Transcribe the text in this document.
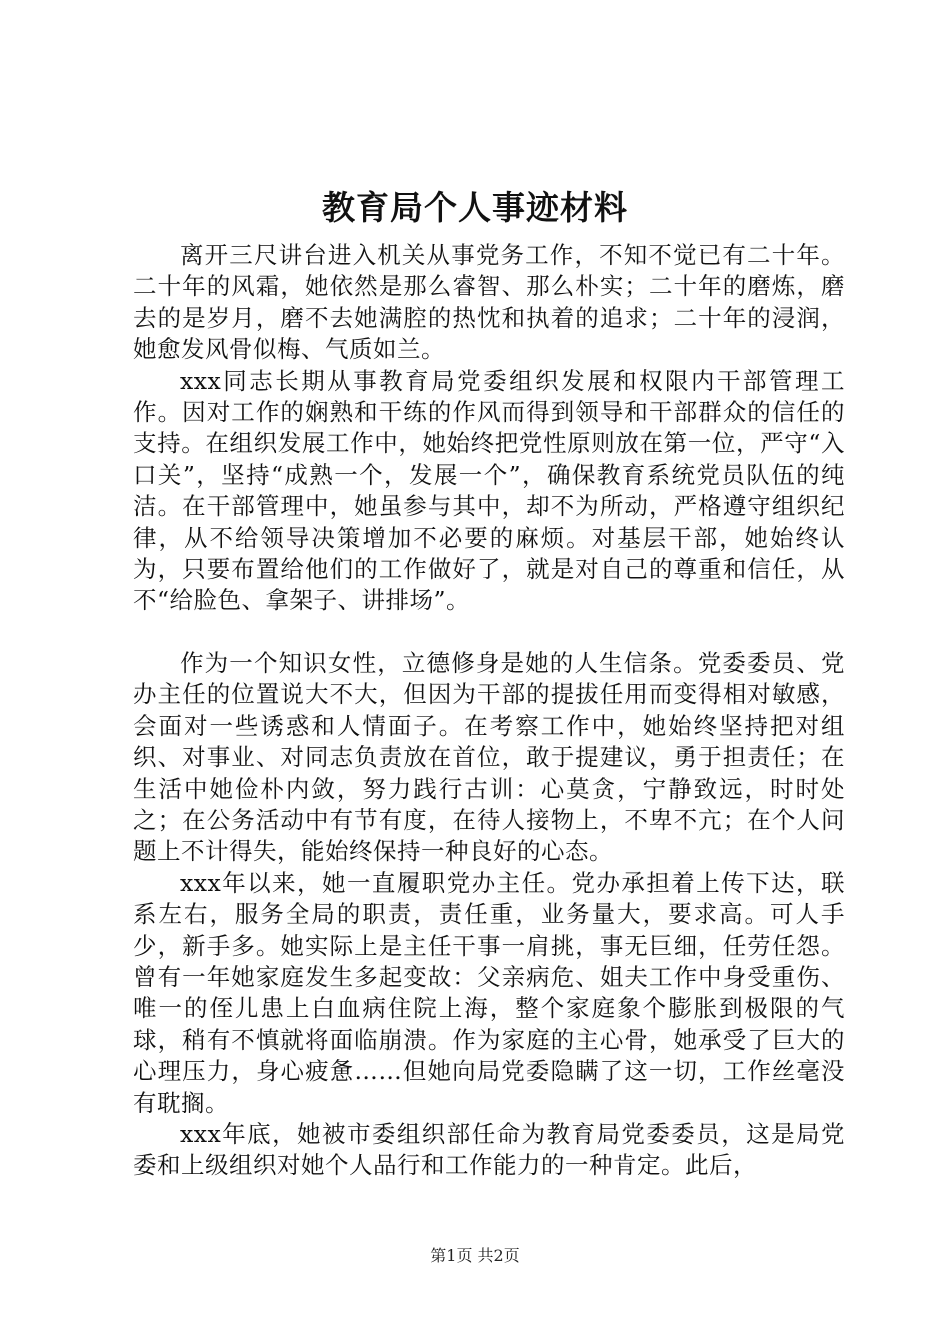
教育局个人事迹材料

离开三尺讲台进入机关从事党务工作，不知不觉已有二十年。二十年的风霜，她依然是那么睿智、那么朴实；二十年的磨炼，磨去的是岁月，磨不去她满腔的热忱和执着的追求；二十年的浸润，她愈发风骨似梅、气质如兰。

xxx同志长期从事教育局党委组织发展和权限内干部管理工作。因对工作的娴熟和干练的作风而得到领导和干部群众的信任的支持。在组织发展工作中，她始终把党性原则放在第一位，严守“入口关”，坚持“成熟一个，发展一个”，确保教育系统党员队伍的纯洁。在干部管理中，她虽参与其中，却不为所动，严格遵守组织纪律，从不给领导决策增加不必要的麻烦。对基层干部，她始终认为，只要布置给他们的工作做好了，就是对自己的尊重和信任，从不“给脸色、拿架子、讲排场”。

作为一个知识女性，立德修身是她的人生信条。党委委员、党办主任的位置说大不大，但因为干部的提拔任用而变得相对敏感，会面对一些诱惑和人情面子。在考察工作中，她始终坚持把对组织、对事业、对同志负责放在首位，敢于提建议，勇于担责任；在生活中她俭朴内敛，努力践行古训：心莫贪，宁静致远，时时处之；在公务活动中有节有度，在待人接物上，不卑不亢；在个人问题上不计得失，能始终保持一种良好的心态。

xxx年以来，她一直履职党办主任。党办承担着上传下达，联系左右，服务全局的职责，责任重，业务量大，要求高。可人手少，新手多。她实际上是主任干事一肩挑，事无巨细，任劳任怨。曾有一年她家庭发生多起变故：父亲病危、姐夫工作中身受重伤、唯一的侄儿患上白血病住院上海，整个家庭象个膨胀到极限的气球，稍有不慎就将面临崩溃。作为家庭的主心骨，她承受了巨大的心理压力，身心疲惫……但她向局党委隐瞒了这一切，工作丝毫没有耽搁。

xxx年底，她被市委组织部任命为教育局党委委员，这是局党委和上级组织对她个人品行和工作能力的一种肯定。此后，

第1页 共2页
